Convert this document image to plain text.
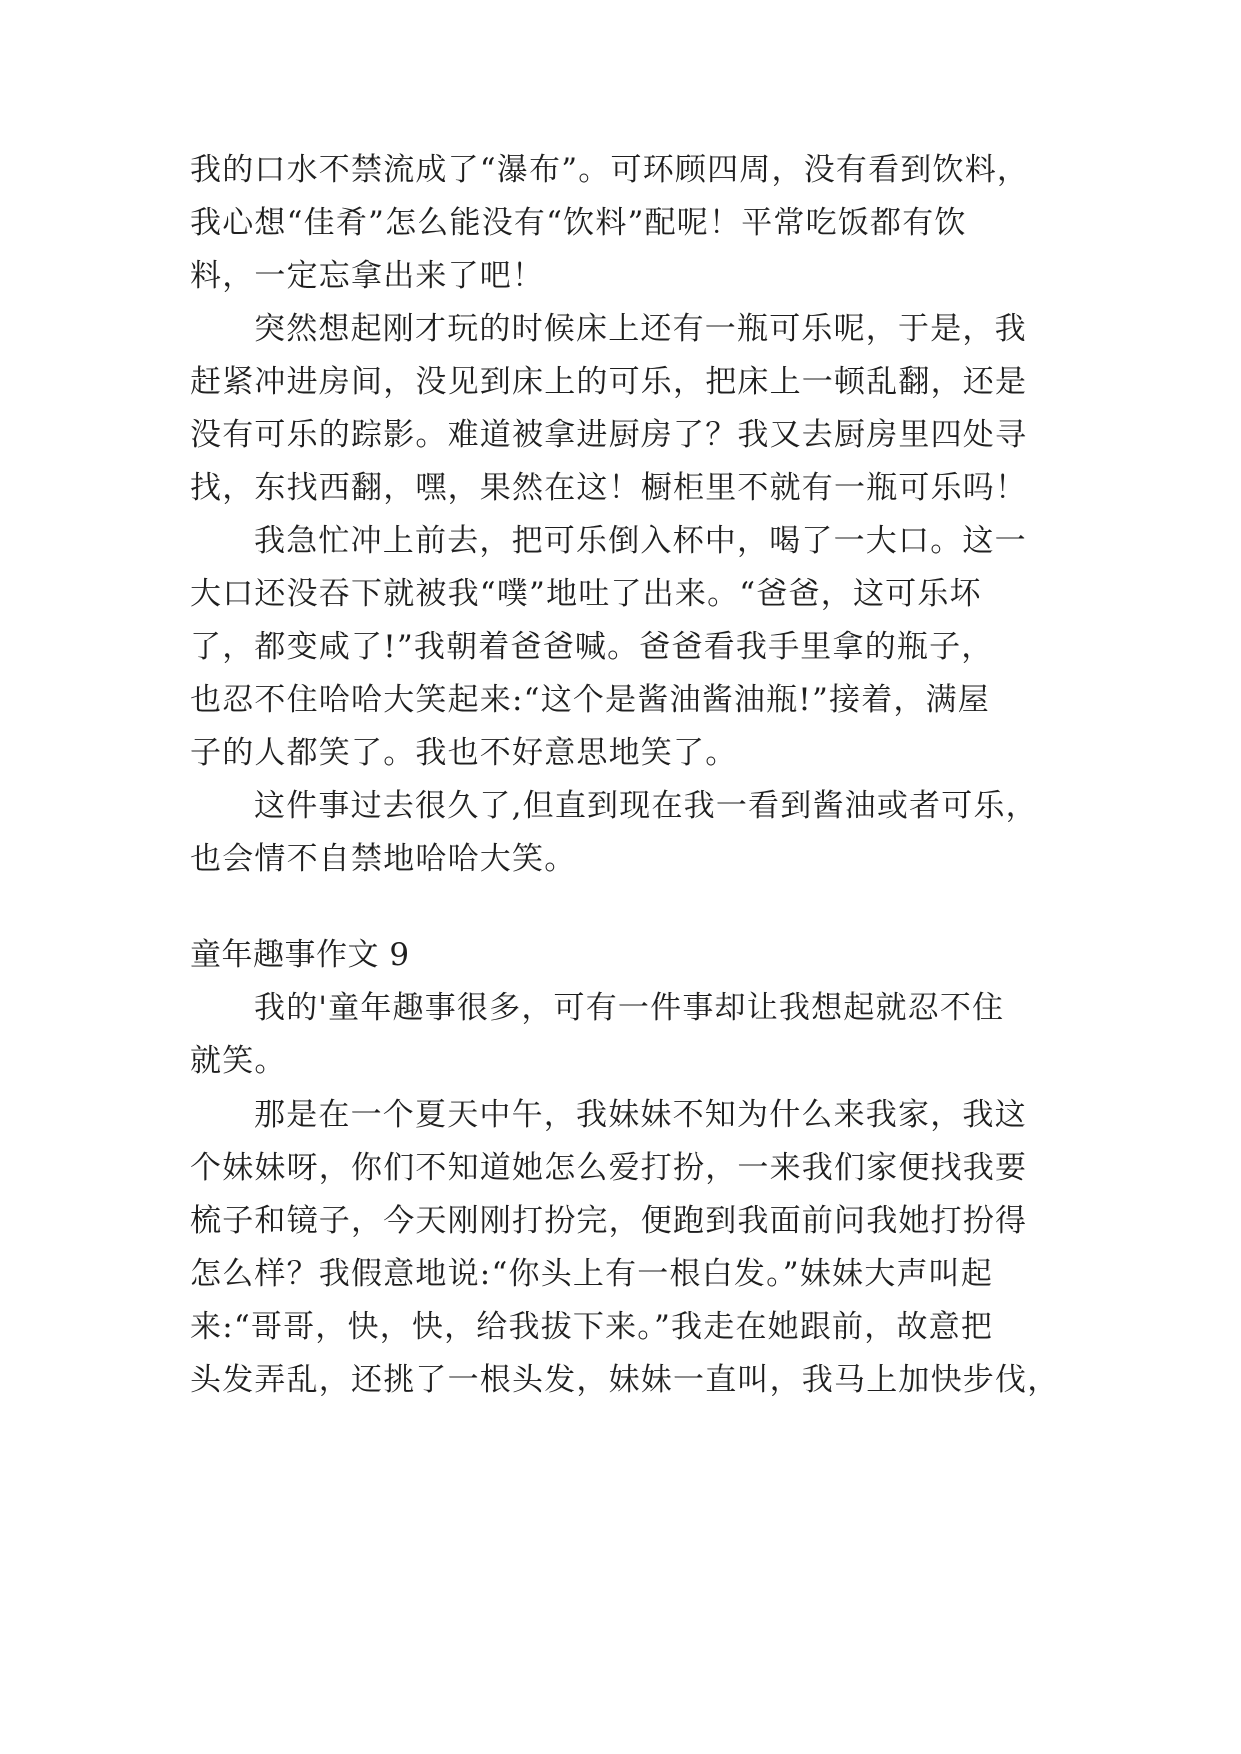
我的口水不禁流成了“瀑布”。可环顾四周，没有看到饮料，
我心想“佳肴”怎么能没有“饮料”配呢！平常吃饭都有饮
料，一定忘拿出来了吧！
突然想起刚才玩的时候床上还有一瓶可乐呢，于是，我
赶紧冲进房间，没见到床上的可乐，把床上一顿乱翻，还是
没有可乐的踪影。难道被拿进厨房了？我又去厨房里四处寻
找，东找西翻，嘿，果然在这！橱柜里不就有一瓶可乐吗！
我急忙冲上前去，把可乐倒入杯中，喝了一大口。这一
大口还没吞下就被我“噗”地吐了出来。“爸爸，这可乐坏
了，都变咸了!”我朝着爸爸喊。爸爸看我手里拿的瓶子，
也忍不住哈哈大笑起来:“这个是酱油酱油瓶!”接着，满屋
子的人都笑了。我也不好意思地笑了。
这件事过去很久了,但直到现在我一看到酱油或者可乐，
也会情不自禁地哈哈大笑。
童年趣事作文 9
我的'童年趣事很多，可有一件事却让我想起就忍不住
就笑。
那是在一个夏天中午，我妹妹不知为什么来我家，我这
个妹妹呀，你们不知道她怎么爱打扮，一来我们家便找我要
梳子和镜子，今天刚刚打扮完，便跑到我面前问我她打扮得
怎么样？我假意地说:“你头上有一根白发。”妹妹大声叫起
来:“哥哥，快，快，给我拔下来。”我走在她跟前，故意把
头发弄乱，还挑了一根头发，妹妹一直叫，我马上加快步伐，
